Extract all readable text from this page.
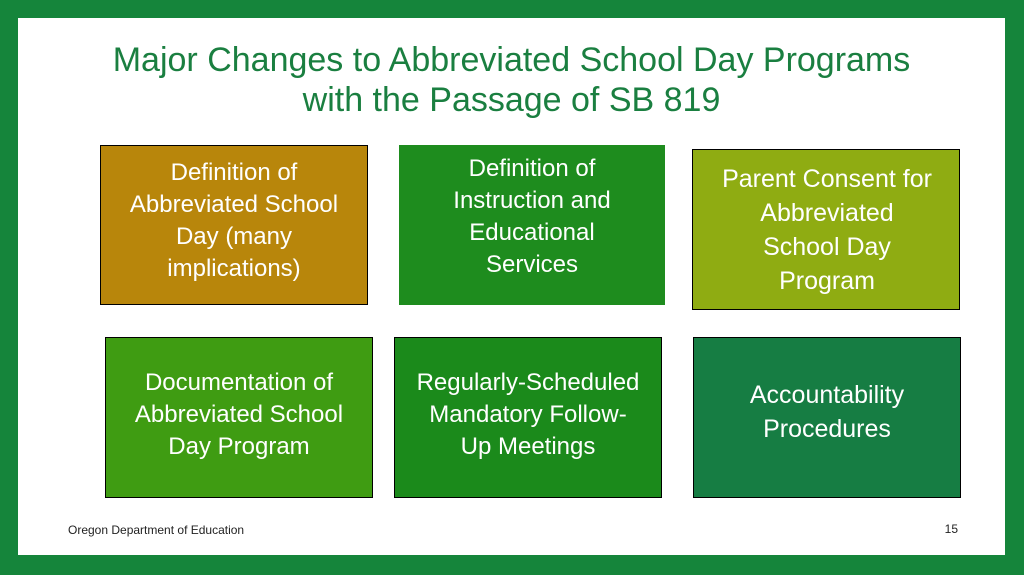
Major Changes to Abbreviated School Day Programs
with the Passage of SB 819
Definition of
Abbreviated School
Day (many
implications)
Definition of
Instruction and
Educational
Services
Parent Consent for
Abbreviated
School Day
Program
Documentation of
Abbreviated School
Day Program
Regularly-Scheduled
Mandatory Follow-
Up Meetings
Accountability
Procedures
Oregon Department of Education	15
